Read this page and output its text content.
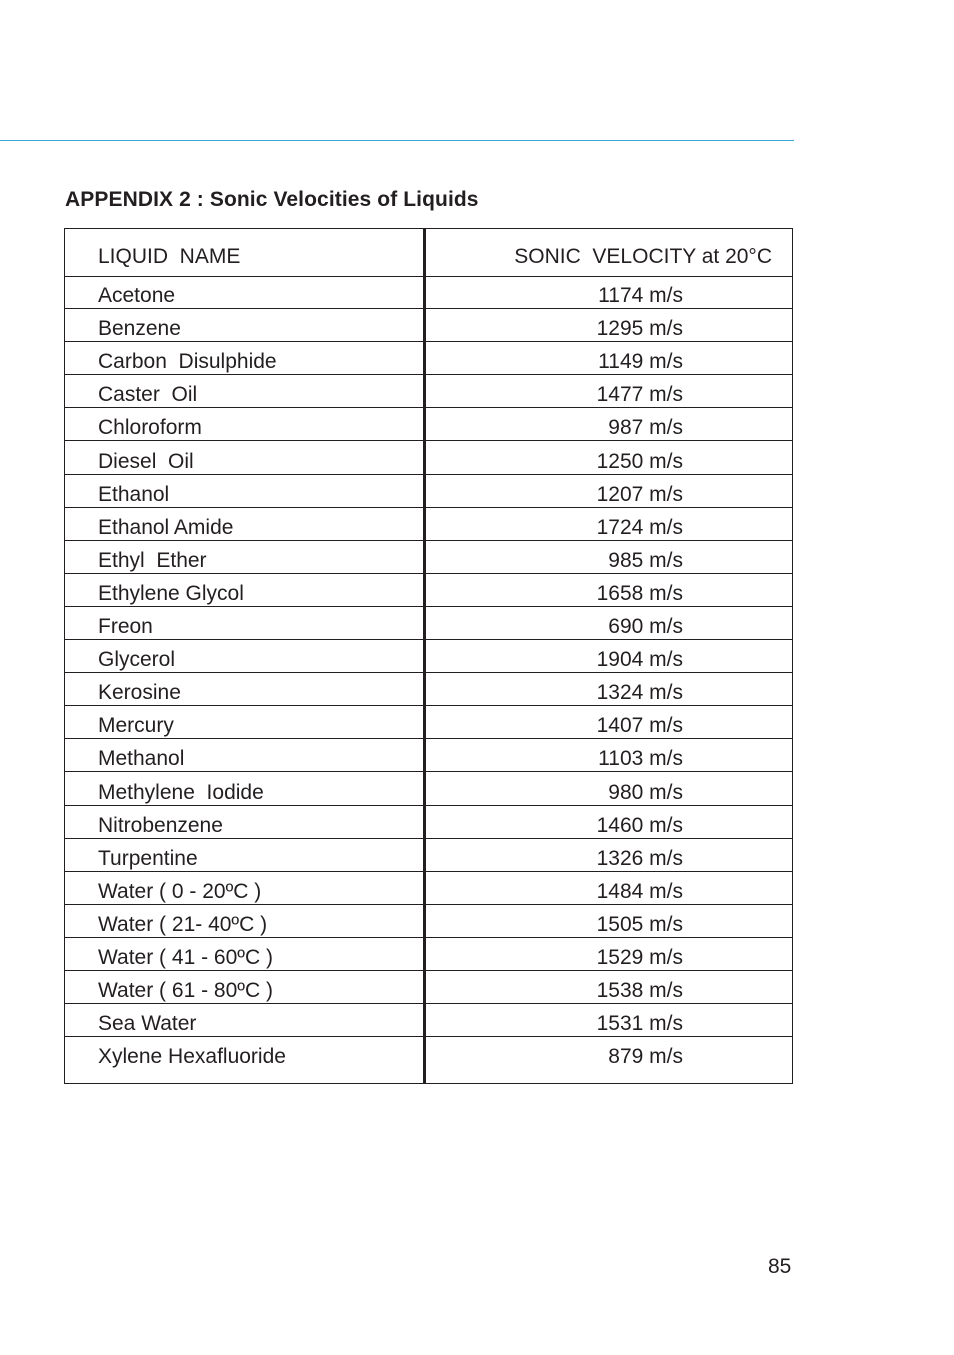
APPENDIX 2 : Sonic Velocities of Liquids
LIQUID  NAME	SONIC  VELOCITY at 20°C
Acetone	1174 m/s
Benzene	1295 m/s
Carbon  Disulphide	1149 m/s
Caster  Oil	1477 m/s
Chloroform	987 m/s
Diesel  Oil	1250 m/s
Ethanol	1207 m/s
Ethanol Amide	1724 m/s
Ethyl  Ether	985 m/s
Ethylene Glycol	1658 m/s
Freon	690 m/s
Glycerol	1904 m/s
Kerosine	1324 m/s
Mercury	1407 m/s
Methanol	1103 m/s
Methylene  Iodide	980 m/s
Nitrobenzene	1460 m/s
Turpentine	1326 m/s
Water ( 0 - 20ºC )	1484 m/s
Water ( 21- 40ºC )	1505 m/s
Water ( 41 - 60ºC )	1529 m/s
Water ( 61 - 80ºC )	1538 m/s
Sea Water	1531 m/s
Xylene Hexafluoride	879 m/s
85
